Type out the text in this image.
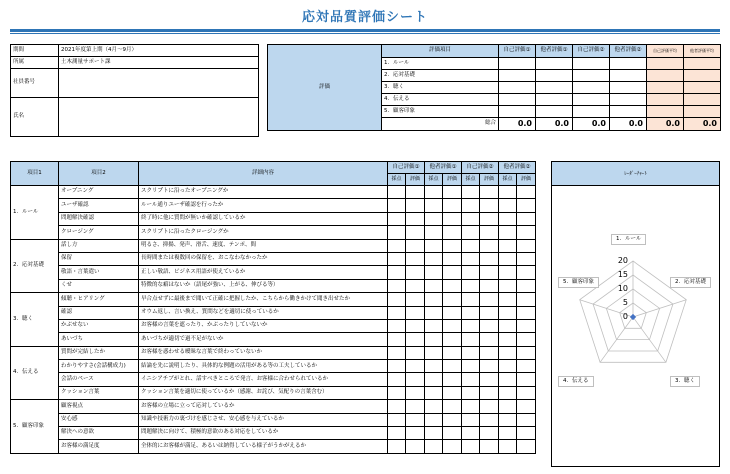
応対品質評価シート
期間	2021年度第上期（4月～9月）
所属	土木測量サポート課
社員番号	
氏名	
評価	評価項目	自己評価①	他者評価①	自己評価②	他者評価②	自己評価平均	他者評価平均
	1．ルール						
	2．応対基礎						
	3．聴く						
	4．伝える						
	5．顧客印象						
	総合	0.0	0.0	0.0	0.0	0.0	0.0
項目1	項目2	詳細内容	自己評価①		他者評価①		自己評価②		他者評価②	
			採点	評価	採点	評価	採点	評価	採点	評価
1．ルール	オープニング	スクリプトに沿ったオープニングか								
	ユーザ確認	ルール通りユーザ確認を行ったか								
	問題解決確認	終了時に他に質問が無いか確認しているか								
	クロージング	スクリプトに沿ったクロージングか								
2．応対基礎	話し方	明るさ、抑揚、発声、滑舌、速度、テンポ、間								
	保留	長時間または複数回の保留を、おこなわなかったか								
	敬語・言葉遣い	正しい敬語、ビジネス用語が使えているか								
	くせ	特徴的な癖はないか（語尾が強い、上がる、伸びる等）								
3．聴く	傾聴・ヒアリング	早合点せずに最後まで聞いて正確に把握したか、こちらから働きかけて聞き出せたか								
	確認	オウム返し、言い換え、質問などを適切に使っているか								
	かぶせない	お客様の言葉を遮ったり、かぶったりしていないか								
	あいづち	あいづちが適切で過不足がないか								
4．伝える	質問が完結したか	お客様を惑わせる曖昧な言葉で終わっていないか								
	わかりやすさ(会話構成力)	結論を先に説明したり、具体的な例題の活用がある等の工夫しているか								
	会話のペース	イニシアチブがとれ、話すべきところで発言、お客様に合わせられているか								
	クッション言葉	クッション言葉を適切に使っているか（感謝、お詫び、気配りの言葉含む）								
5．顧客印象	顧客視点	お客様の立場に立って応対しているか								
	安心感	知識や技術力の裏づけを感じさせ、安心感を与えているか								
	解決への意欲	問題解決に向けて、積極的意欲のある対応をしているか								
	お客様の満足度	全体的にお客様が満足、あるいは納得している様子がうかがえるか								
ﾚｰﾀﾞｰﾁｬｰﾄ
20
15
10
5
0
1．ルール
2．応対基礎
3．聴く
4．伝える
5．顧客印象
